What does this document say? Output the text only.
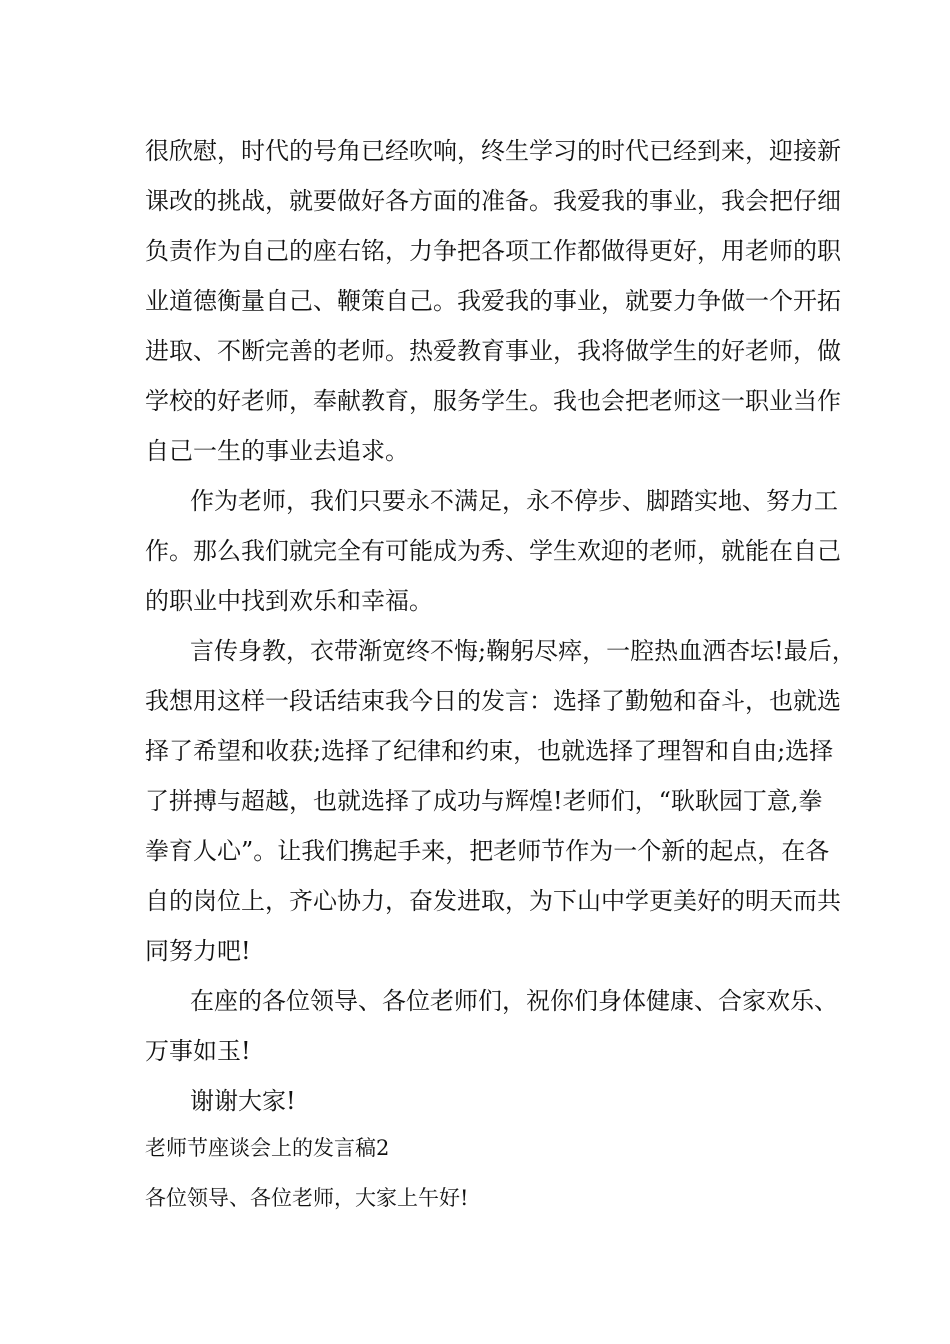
很欣慰，时代的号角已经吹响，终生学习的时代已经到来，迎接新
课改的挑战，就要做好各方面的准备。我爱我的事业，我会把仔细
负责作为自己的座右铭，力争把各项工作都做得更好，用老师的职
业道德衡量自己、鞭策自己。我爱我的事业，就要力争做一个开拓
进取、不断完善的老师。热爱教育事业，我将做学生的好老师，做
学校的好老师，奉献教育，服务学生。我也会把老师这一职业当作
自己一生的事业去追求。
作为老师，我们只要永不满足，永不停步、脚踏实地、努力工
作。那么我们就完全有可能成为秀、学生欢迎的老师，就能在自己
的职业中找到欢乐和幸福。
言传身教，衣带渐宽终不悔;鞠躬尽瘁，一腔热血洒杏坛!最后，
我想用这样一段话结束我今日的发言：选择了勤勉和奋斗，也就选
择了希望和收获;选择了纪律和约束，也就选择了理智和自由;选择
了拼搏与超越，也就选择了成功与辉煌!老师们，“耿耿园丁意,拳
拳育人心”。让我们携起手来，把老师节作为一个新的起点，在各
自的岗位上，齐心协力，奋发进取，为下山中学更美好的明天而共
同努力吧!
在座的各位领导、各位老师们，祝你们身体健康、合家欢乐、
万事如玉!
谢谢大家!
老师节座谈会上的发言稿2
各位领导、各位老师，大家上午好!
